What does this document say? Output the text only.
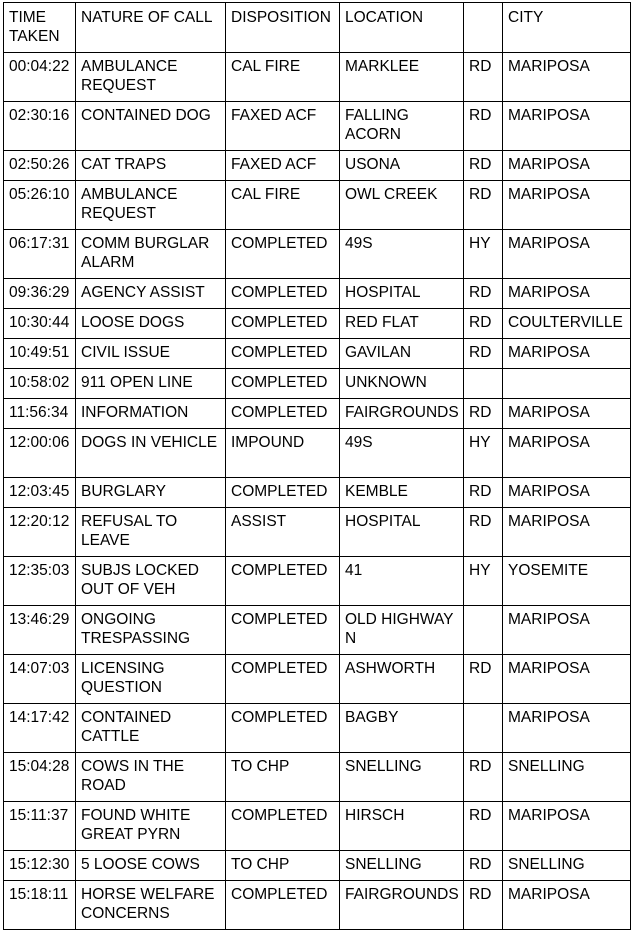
TIME TAKEN	NATURE OF CALL	DISPOSITION	LOCATION		CITY
00:04:22	AMBULANCE REQUEST	CAL FIRE	MARKLEE	RD	MARIPOSA
02:30:16	CONTAINED DOG	FAXED ACF	FALLING ACORN	RD	MARIPOSA
02:50:26	CAT TRAPS	FAXED ACF	USONA	RD	MARIPOSA
05:26:10	AMBULANCE REQUEST	CAL FIRE	OWL CREEK	RD	MARIPOSA
06:17:31	COMM BURGLAR ALARM	COMPLETED	49S	HY	MARIPOSA
09:36:29	AGENCY ASSIST	COMPLETED	HOSPITAL	RD	MARIPOSA
10:30:44	LOOSE DOGS	COMPLETED	RED FLAT	RD	COULTERVILLE
10:49:51	CIVIL ISSUE	COMPLETED	GAVILAN	RD	MARIPOSA
10:58:02	911 OPEN LINE	COMPLETED	UNKNOWN		
11:56:34	INFORMATION	COMPLETED	FAIRGROUNDS	RD	MARIPOSA
12:00:06	DOGS IN VEHICLE	IMPOUND	49S	HY	MARIPOSA
12:03:45	BURGLARY	COMPLETED	KEMBLE	RD	MARIPOSA
12:20:12	REFUSAL TO LEAVE	ASSIST	HOSPITAL	RD	MARIPOSA
12:35:03	SUBJS LOCKED OUT OF VEH	COMPLETED	41	HY	YOSEMITE
13:46:29	ONGOING TRESPASSING	COMPLETED	OLD HIGHWAY N		MARIPOSA
14:07:03	LICENSING QUESTION	COMPLETED	ASHWORTH	RD	MARIPOSA
14:17:42	CONTAINED CATTLE	COMPLETED	BAGBY		MARIPOSA
15:04:28	COWS IN THE ROAD	TO CHP	SNELLING	RD	SNELLING
15:11:37	FOUND WHITE GREAT PYRN	COMPLETED	HIRSCH	RD	MARIPOSA
15:12:30	5 LOOSE COWS	TO CHP	SNELLING	RD	SNELLING
15:18:11	HORSE WELFARE CONCERNS	COMPLETED	FAIRGROUNDS	RD	MARIPOSA
